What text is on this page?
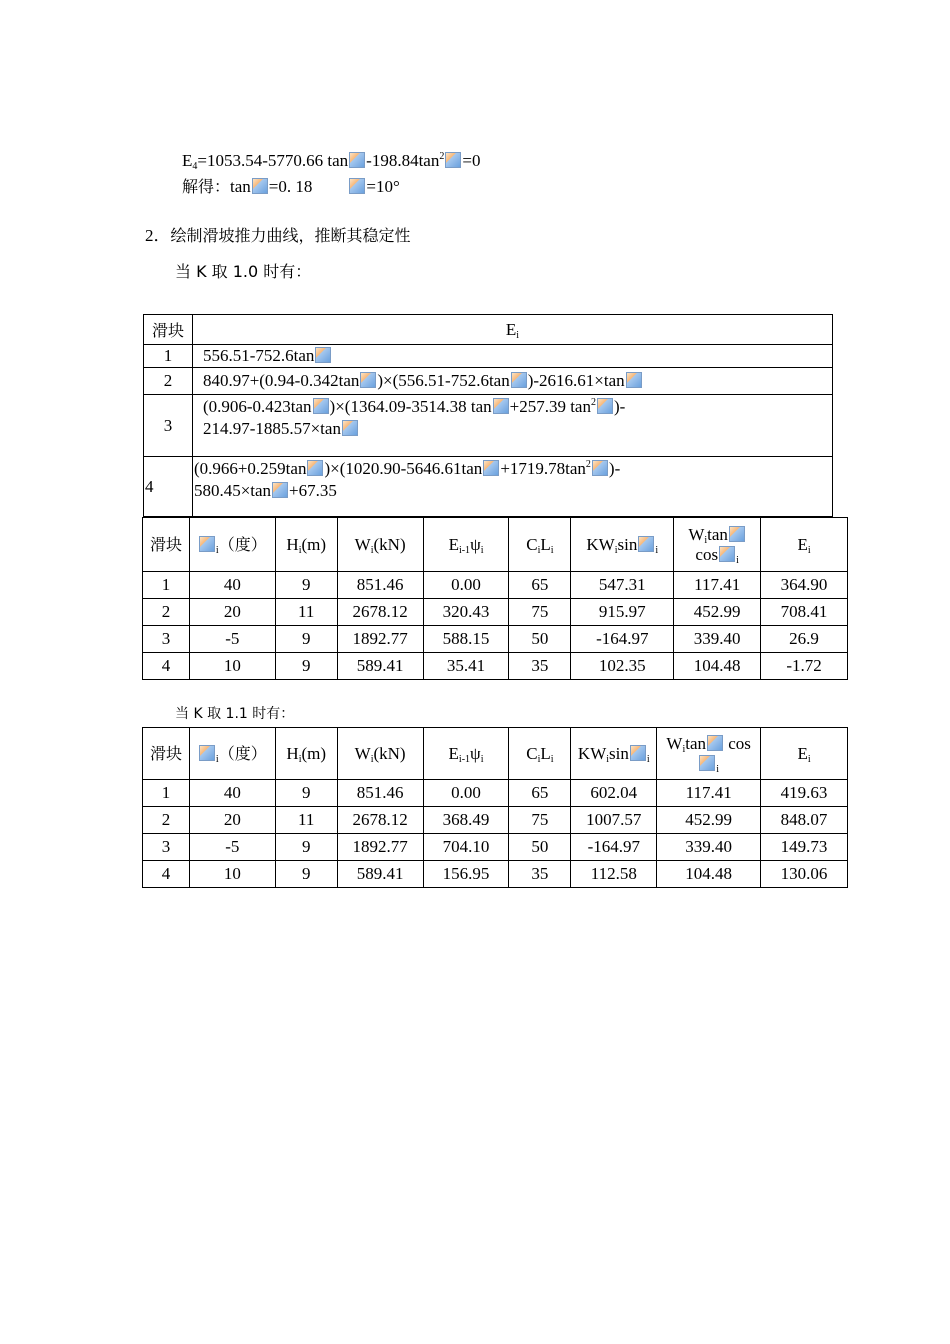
$E_4=1053.54-5770.66$ $\tan -198.84\tan^2 =0$
解得：tan =0. 18	=10°
2．绘制滑坡推力曲线，推断其稳定性
当 K 取 1.0 时有：
滑块	$E_i$
1	556.51-752.6tan
2	840.97+(0.94-0.342tan )×(556.51-752.6tan )-2616.61×tan
3	(0.906-0.423tan )×(1364.09-3514.38 tan +257.39 $\tan^2$ )-
214.97-1885.57×tan
4	(0.966+0.259tan )$\times(1020.90-5646.61\tan +1719.78\tan^2$ )-
580.45×tan +67.35
滑块	$_i$（度）	$H_i(m)$	$W_i(kN)$	$E_{i-1}\psi_i$	$C_iL_i$	$KW_i\sin$ $_i$	$W_i\tan$
cos $_i$	$E_i$
1	40	9	851.46	0.00	65	547.31	117.41	364.90
2	20	11	2678.12	320.43	75	915.97	452.99	708.41
3	-5	9	1892.77	588.15	50	-164.97	339.40	26.9
4	10	9	589.41	35.41	35	102.35	104.48	-1.72
当 K 取 1.1 时有：
滑块	$_i$（度）	$H_i(m)$	$W_i(kN)$	$E_{i-1}\psi_i$	$C_iL_i$	$KW_i\sin$ $_i$	$W_i\tan$ cos
$_i$	$E_i$
1	40	9	851.46	0.00	65	602.04	117.41	419.63
2	20	11	2678.12	368.49	75	1007.57	452.99	848.07
3	-5	9	1892.77	704.10	50	-164.97	339.40	149.73
4	10	9	589.41	156.95	35	112.58	104.48	130.06
